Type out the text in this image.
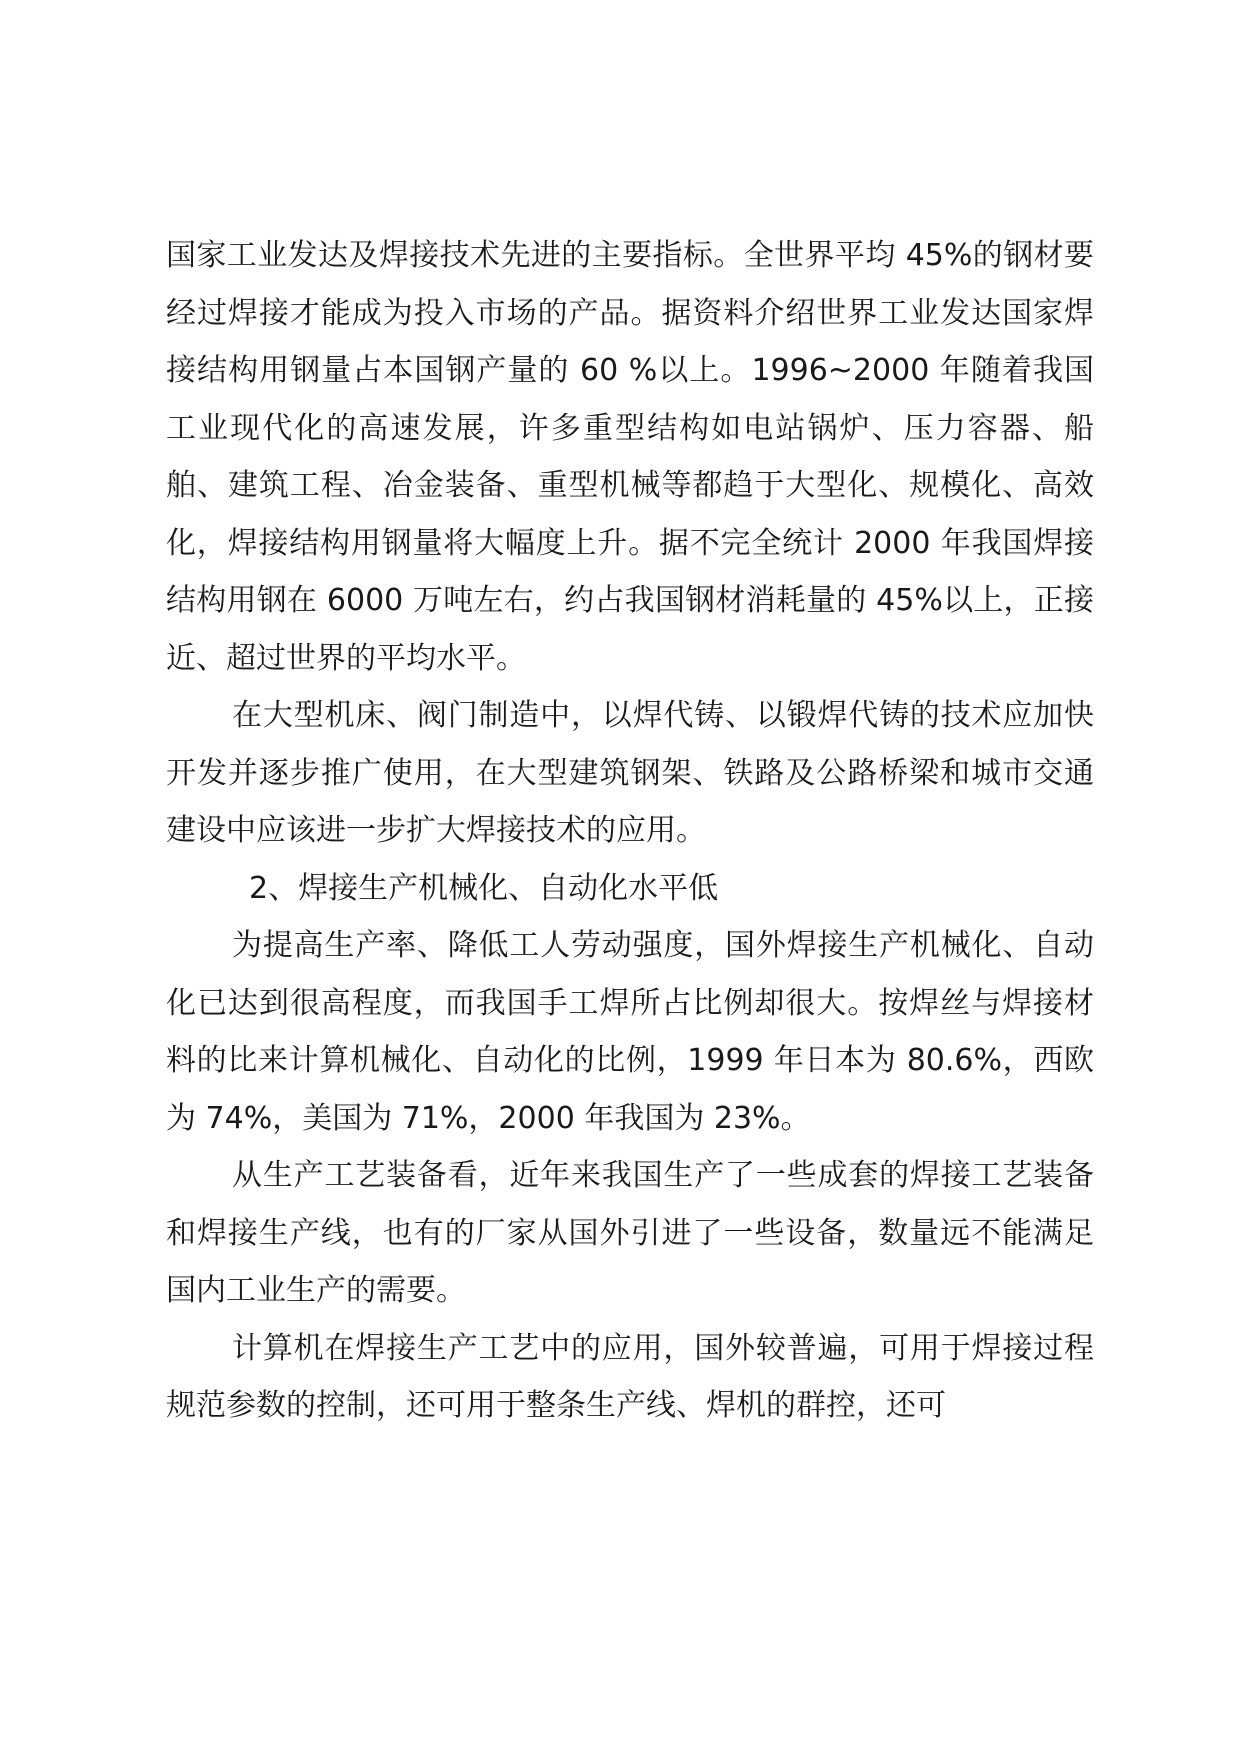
国家工业发达及焊接技术先进的主要指标。全世界平均 45%的钢材要经过焊接才能成为投入市场的产品。据资料介绍世界工业发达国家焊接结构用钢量占本国钢产量的 60 %以上。1996~2000 年随着我国工业现代化的高速发展，许多重型结构如电站锅炉、压力容器、船舶、建筑工程、冶金装备、重型机械等都趋于大型化、规模化、高效化，焊接结构用钢量将大幅度上升。据不完全统计 2000 年我国焊接结构用钢在 6000 万吨左右，约占我国钢材消耗量的 45%以上，正接近、超过世界的平均水平。

在大型机床、阀门制造中，以焊代铸、以锻焊代铸的技术应加快开发并逐步推广使用，在大型建筑钢架、铁路及公路桥梁和城市交通建设中应该进一步扩大焊接技术的应用。

2、焊接生产机械化、自动化水平低

为提高生产率、降低工人劳动强度，国外焊接生产机械化、自动化已达到很高程度，而我国手工焊所占比例却很大。按焊丝与焊接材料的比来计算机械化、自动化的比例，1999 年日本为 80.6%，西欧为 74%，美国为 71%，2000 年我国为 23%。

从生产工艺装备看，近年来我国生产了一些成套的焊接工艺装备和焊接生产线，也有的厂家从国外引进了一些设备，数量远不能满足国内工业生产的需要。

计算机在焊接生产工艺中的应用，国外较普遍，可用于焊接过程规范参数的控制，还可用于整条生产线、焊机的群控，还可
